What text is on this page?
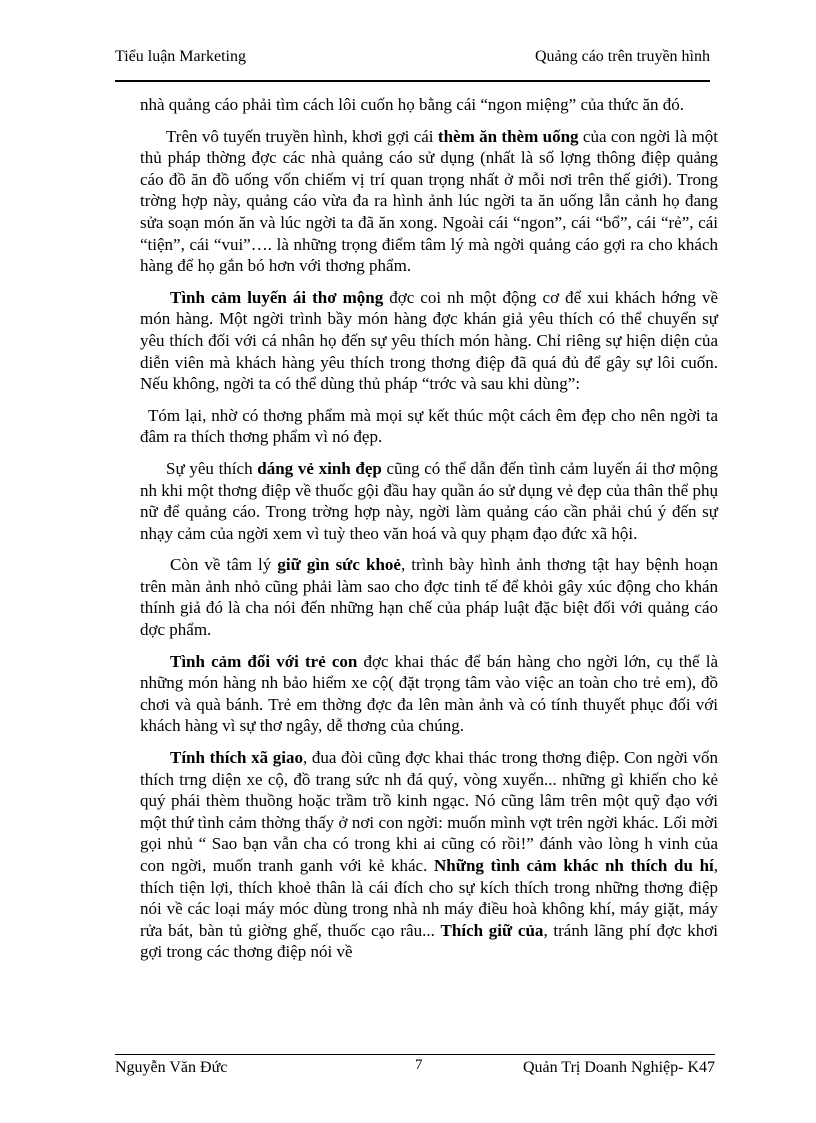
Tiểu luận Marketing	Quảng cáo trên truyền hình

nhà quảng cáo phải tìm cách lôi cuốn họ bằng cái “ngon miệng” của thức ăn đó.

Trên vô tuyến truyền hình, khơi gợi cái thèm ăn thèm uống của con ngời là một thủ pháp thờng đợc các nhà quảng cáo sử dụng (nhất là số lợng thông điệp quảng cáo đồ ăn đồ uống vốn chiếm vị trí quan trọng nhất ở mỗi nơi trên thế giới). Trong trờng hợp này, quảng cáo vừa đa ra hình ảnh lúc ngời ta ăn uống lẫn cảnh họ đang sửa soạn món ăn và lúc ngời ta đã ăn xong. Ngoài cái “ngon”, cái “bổ”, cái “rẻ”, cái “tiện”, cái “vui”…. là những trọng điểm tâm lý mà ngời quảng cáo gợi ra cho khách hàng để họ gắn bó hơn với thơng phẩm.

Tình cảm luyến ái thơ mộng đợc coi nh một động cơ để xui khách hớng về món hàng. Một ngời trình bầy món hàng đợc khán giả yêu thích có thể chuyển sự yêu thích đối với cá nhân họ đến sự yêu thích món hàng. Chỉ riêng sự hiện diện của diễn viên mà khách hàng yêu thích trong thơng điệp đã quá đủ để gây sự lôi cuốn. Nếu không, ngời ta có thể dùng thủ pháp “trớc và sau khi dùng”:

Tóm lại, nhờ có thơng phẩm mà mọi sự kết thúc một cách êm đẹp cho nên ngời ta đâm ra thích thơng phẩm vì nó đẹp.

Sự yêu thích dáng vẻ xinh đẹp cũng có thể dẫn đến tình cảm luyến ái thơ mộng nh khi một thơng điệp về thuốc gội đầu hay quần áo sử dụng vẻ đẹp của thân thể phụ nữ để quảng cáo. Trong trờng hợp này, ngời làm quảng cáo cần phải chú ý đến sự nhạy cảm của ngời xem vì tuỳ theo văn hoá và quy phạm đạo đức xã hội.

Còn về tâm lý giữ gìn sức khoẻ, trình bày hình ảnh thơng tật hay bệnh hoạn trên màn ảnh nhỏ cũng phải làm sao cho đợc tinh tế để khỏi gây xúc động cho khán thính giả đó là cha nói đến những hạn chế của pháp luật đặc biệt đối với quảng cáo dợc phẩm.

Tình cảm đối với trẻ con đợc khai thác để bán hàng cho ngời lớn, cụ thể là những món hàng nh bảo hiểm xe cộ( đặt trọng tâm vào việc an toàn cho trẻ em), đồ chơi và quà bánh. Trẻ em thờng đợc đa lên màn ảnh và có tính thuyết phục đối với khách hàng vì sự thơ ngây, dễ thơng của chúng.

Tính thích xã giao, đua đòi cũng đợc khai thác trong thơng điệp. Con ngời vốn thích trng diện xe cộ, đồ trang sức nh đá quý, vòng xuyến... những gì khiến cho kẻ quý phái thèm thuồng hoặc trầm trồ kinh ngạc. Nó cũng lâm trên một quỹ đạo với một thứ tình cảm thờng thấy ở nơi con ngời: muốn mình vợt trên ngời khác. Lối mời gọi nhủ “ Sao bạn vẫn cha có trong khi ai cũng có rồi!” đánh vào lòng h vinh của con ngời, muốn tranh ganh với kẻ khác. Những tình cảm khác nh thích du hí, thích tiện lợi, thích khoẻ thân là cái đích cho sự kích thích trong những thơng điệp nói về các loại máy móc dùng trong nhà nh máy điều hoà không khí, máy giặt, máy rửa bát, bàn tủ giờng ghế, thuốc cạo râu... Thích giữ của, tránh lãng phí đợc khơi gợi trong các thơng điệp nói về

Nguyễn Văn Đức	7	Quản Trị Doanh Nghiệp- K47
